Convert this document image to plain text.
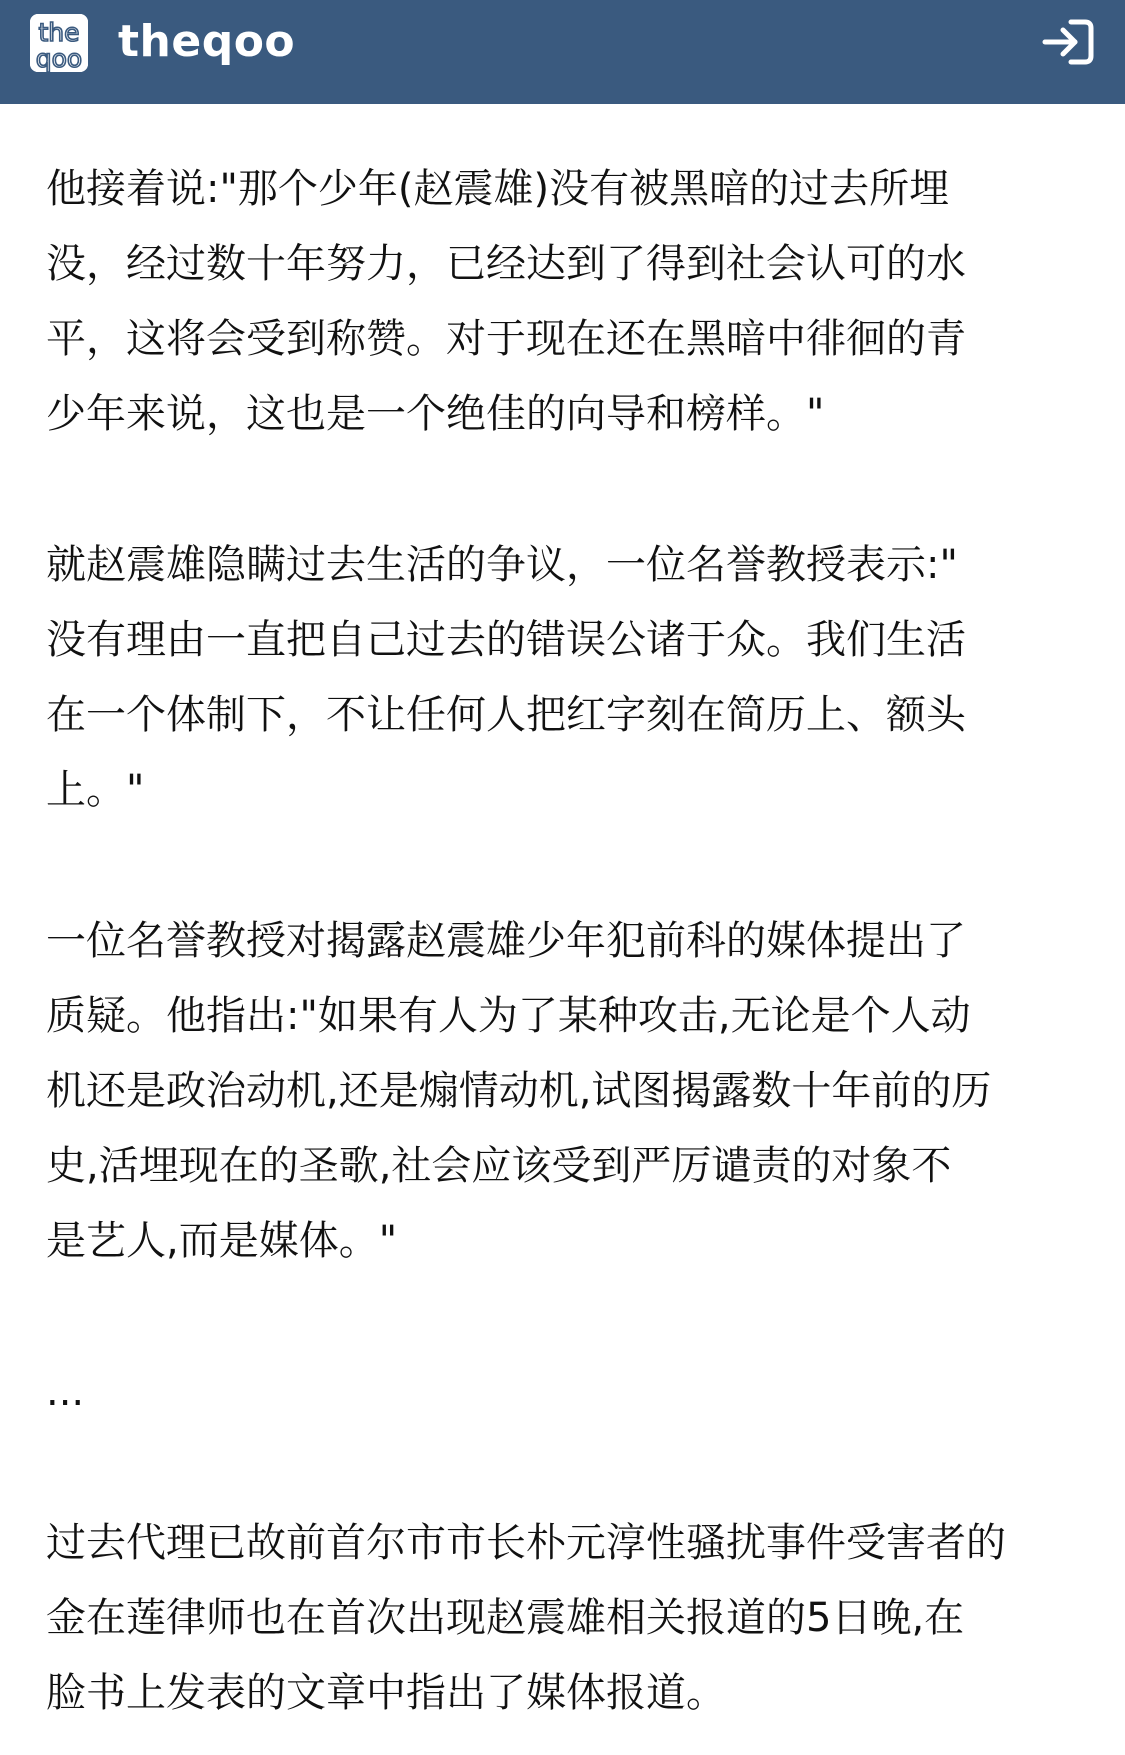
the
qoo theqoo

他接着说:"那个少年(赵震雄)没有被黑暗的过去所埋
没，经过数十年努力，已经达到了得到社会认可的水
平，这将会受到称赞。对于现在还在黑暗中徘徊的青
少年来说，这也是一个绝佳的向导和榜样。"

就赵震雄隐瞒过去生活的争议，一位名誉教授表示:"
没有理由一直把自己过去的错误公诸于众。我们生活
在一个体制下，不让任何人把红字刻在简历上、额头
上。"

一位名誉教授对揭露赵震雄少年犯前科的媒体提出了
质疑。他指出:"如果有人为了某种攻击,无论是个人动
机还是政治动机,还是煽情动机,试图揭露数十年前的历
史,活埋现在的圣歌,社会应该受到严厉谴责的对象不
是艺人,而是媒体。"

...

过去代理已故前首尔市市长朴元淳性骚扰事件受害者的
金在莲律师也在首次出现赵震雄相关报道的5日晚,在
脸书上发表的文章中指出了媒体报道。
